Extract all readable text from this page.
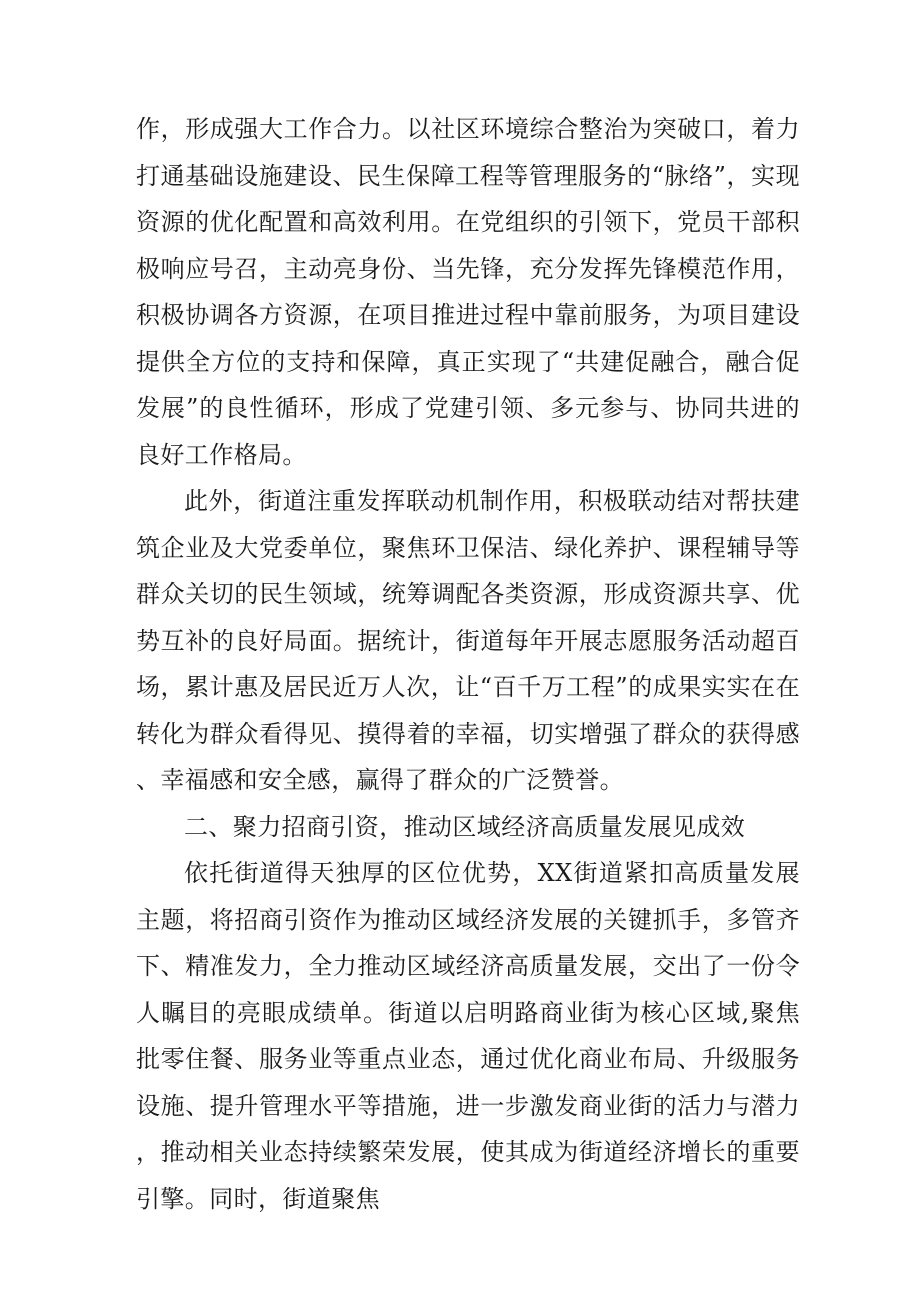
作，形成强大工作合力。以社区环境综合整治为突破口，着力打通基础设施建设、民生保障工程等管理服务的“脉络”，实现资源的优化配置和高效利用。在党组织的引领下，党员干部积极响应号召，主动亮身份、当先锋，充分发挥先锋模范作用，积极协调各方资源，在项目推进过程中靠前服务，为项目建设提供全方位的支持和保障，真正实现了“共建促融合，融合促发展”的良性循环，形成了党建引领、多元参与、协同共进的良好工作格局。

此外，街道注重发挥联动机制作用，积极联动结对帮扶建筑企业及大党委单位，聚焦环卫保洁、绿化养护、课程辅导等群众关切的民生领域，统筹调配各类资源，形成资源共享、优势互补的良好局面。据统计，街道每年开展志愿服务活动超百场，累计惠及居民近万人次，让“百千万工程”的成果实实在在转化为群众看得见、摸得着的幸福，切实增强了群众的获得感、幸福感和安全感，赢得了群众的广泛赞誉。

二、聚力招商引资，推动区域经济高质量发展见成效

依托街道得天独厚的区位优势，XX街道紧扣高质量发展主题，将招商引资作为推动区域经济发展的关键抓手，多管齐下、精准发力，全力推动区域经济高质量发展，交出了一份令人瞩目的亮眼成绩单。街道以启明路商业街为核心区域,聚焦批零住餐、服务业等重点业态，通过优化商业布局、升级服务设施、提升管理水平等措施，进一步激发商业街的活力与潜力，推动相关业态持续繁荣发展，使其成为街道经济增长的重要引擎。同时，街道聚焦
